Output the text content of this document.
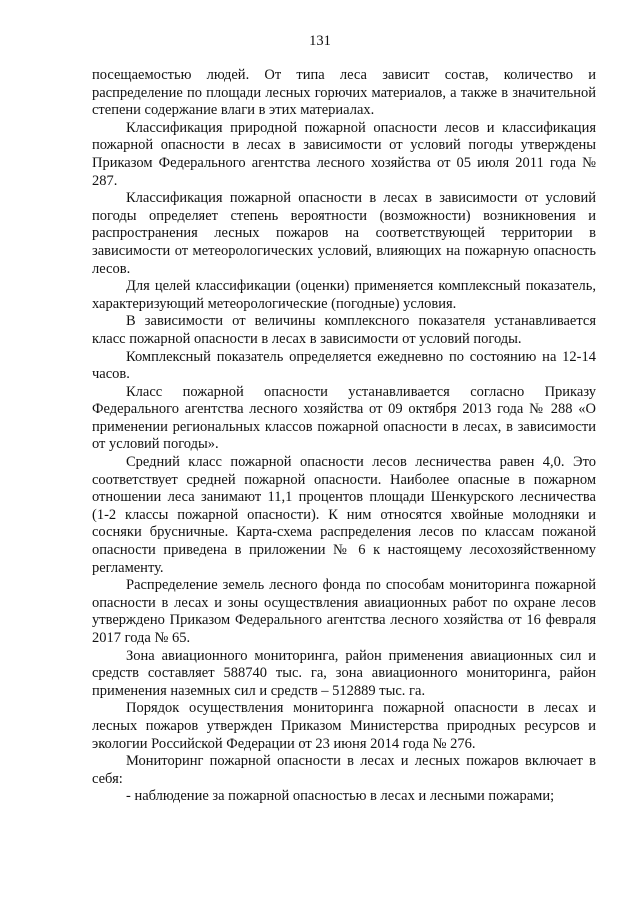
131

посещаемостью людей. От типа леса зависит состав, количество и распределение по площади лесных горючих материалов, а также в значительной степени содержание влаги в этих материалах.

Классификация природной пожарной опасности лесов и классификация пожарной опасности в лесах в зависимости от условий погоды утверждены Приказом Федерального агентства лесного хозяйства от 05 июля 2011 года № 287.

Классификация пожарной опасности в лесах в зависимости от условий погоды определяет степень вероятности (возможности) возникновения и распространения лесных пожаров на соответствующей территории в зависимости от метеорологических условий, влияющих на пожарную опасность лесов.

Для целей классификации (оценки) применяется комплексный показатель, характеризующий метеорологические (погодные) условия.

В зависимости от величины комплексного показателя устанавливается класс пожарной опасности в лесах в зависимости от условий погоды.

Комплексный показатель определяется ежедневно по состоянию на 12-14 часов.

Класс пожарной опасности устанавливается согласно Приказу Федерального агентства лесного хозяйства от 09 октября 2013 года № 288 «О применении региональных классов пожарной опасности в лесах, в зависимости от условий погоды».

Средний класс пожарной опасности лесов лесничества равен 4,0. Это соответствует средней пожарной опасности. Наиболее опасные в пожарном отношении леса занимают 11,1 процентов площади Шенкурского лесничества (1-2 классы пожарной опасности). К ним относятся хвойные молодняки и сосняки брусничные. Карта-схема распределения лесов по классам пожаной опасности приведена в приложении № 6 к настоящему лесохозяйственному регламенту.

Распределение земель лесного фонда по способам мониторинга пожарной опасности в лесах и зоны осуществления авиационных работ по охране лесов утверждено Приказом Федерального агентства лесного хозяйства от 16 февраля 2017 года № 65.

Зона авиационного мониторинга, район применения авиационных сил и средств составляет 588740 тыс. га, зона авиационного мониторинга, район применения наземных сил и средств – 512889 тыс. га.

Порядок осуществления мониторинга пожарной опасности в лесах и лесных пожаров утвержден Приказом Министерства природных ресурсов и экологии Российской Федерации от 23 июня 2014 года № 276.

Мониторинг пожарной опасности в лесах и лесных пожаров включает в себя:

- наблюдение за пожарной опасностью в лесах и лесными пожарами;
